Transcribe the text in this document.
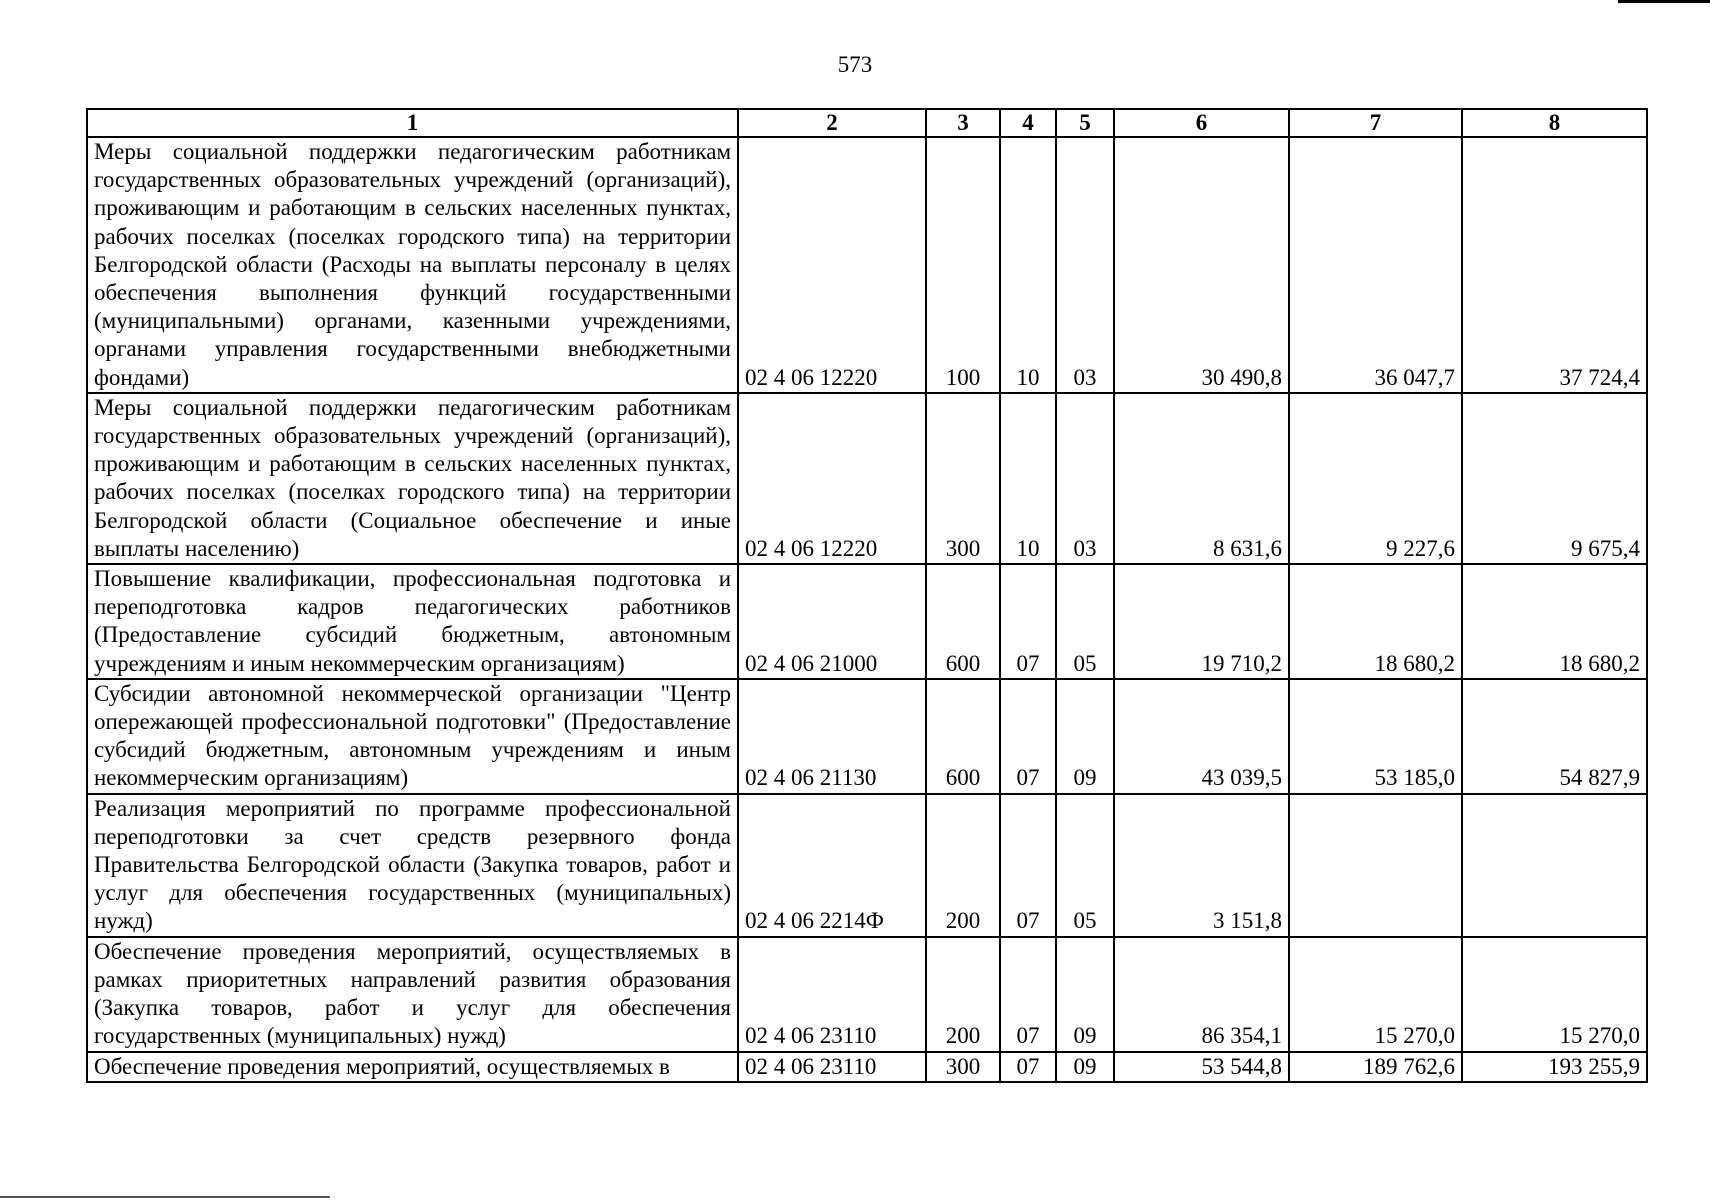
573
1	2	3	4	5	6	7	8
Меры социальной поддержки педагогическим работникам государственных образовательных учреждений (организаций), проживающим и работающим в сельских населенных пунктах, рабочих поселках (поселках городского типа) на территории Белгородской области (Расходы на выплаты персоналу в целях обеспечения выполнения функций государственными (муниципальными) органами, казенными учреждениями, органами управления государственными внебюджетными фондами)	02 4 06 12220	100	10	03	30 490,8	36 047,7	37 724,4
Меры социальной поддержки педагогическим работникам государственных образовательных учреждений (организаций), проживающим и работающим в сельских населенных пунктах, рабочих поселках (поселках городского типа) на территории Белгородской области (Социальное обеспечение и иные выплаты населению)	02 4 06 12220	300	10	03	8 631,6	9 227,6	9 675,4
Повышение квалификации, профессиональная подготовка и переподготовка кадров педагогических работников (Предоставление субсидий бюджетным, автономным учреждениям и иным некоммерческим организациям)	02 4 06 21000	600	07	05	19 710,2	18 680,2	18 680,2
Субсидии автономной некоммерческой организации "Центр опережающей профессиональной подготовки" (Предоставление субсидий бюджетным, автономным учреждениям и иным некоммерческим организациям)	02 4 06 21130	600	07	09	43 039,5	53 185,0	54 827,9
Реализация мероприятий по программе профессиональной переподготовки за счет средств резервного фонда Правительства Белгородской области (Закупка товаров, работ и услуг для обеспечения государственных (муниципальных) нужд)	02 4 06 2214Ф	200	07	05	3 151,8		
Обеспечение проведения мероприятий, осуществляемых в рамках приоритетных направлений развития образования (Закупка товаров, работ и услуг для обеспечения государственных (муниципальных) нужд)	02 4 06 23110	200	07	09	86 354,1	15 270,0	15 270,0
Обеспечение проведения мероприятий, осуществляемых в	02 4 06 23110	300	07	09	53 544,8	189 762,6	193 255,9
